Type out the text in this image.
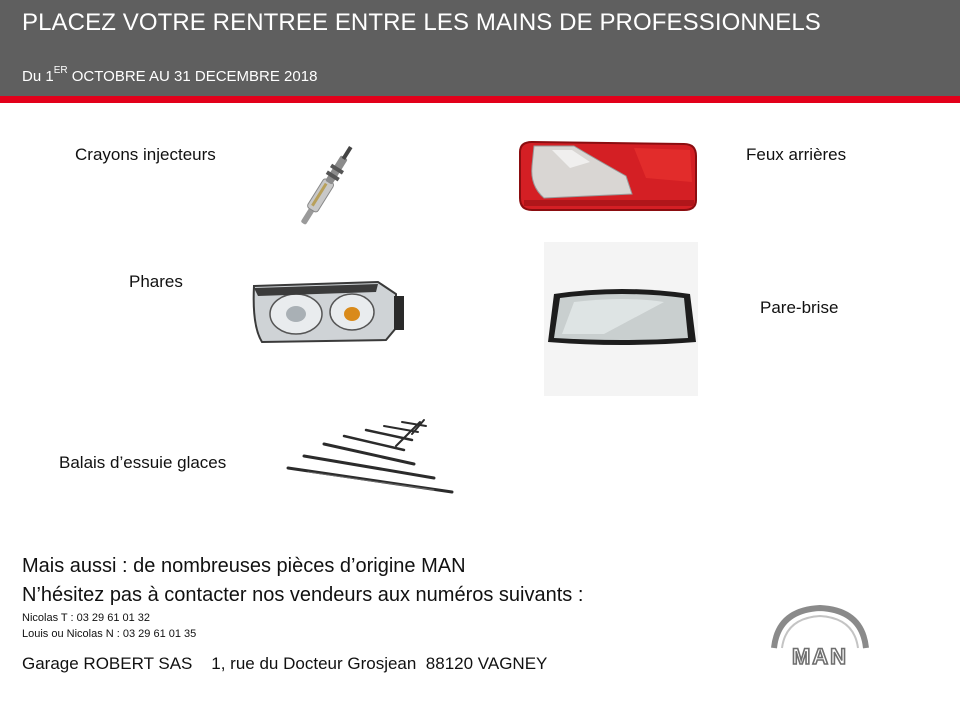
PLACEZ VOTRE RENTREE ENTRE LES MAINS DE PROFESSIONNELS
Du 1ER OCTOBRE AU 31 DECEMBRE 2018
Crayons injecteurs	Feux arrières
Phares
Pare-brise
Balais d’essuie glaces
Mais aussi : de nombreuses pièces d’origine MAN
N’hésitez pas à contacter nos vendeurs aux numéros suivants :
Nicolas T : 03 29 61 01 32
Louis ou Nicolas N : 03 29 61 01 35
Garage ROBERT SAS    1, rue du Docteur Grosjean  88120 VAGNEY	MAN
